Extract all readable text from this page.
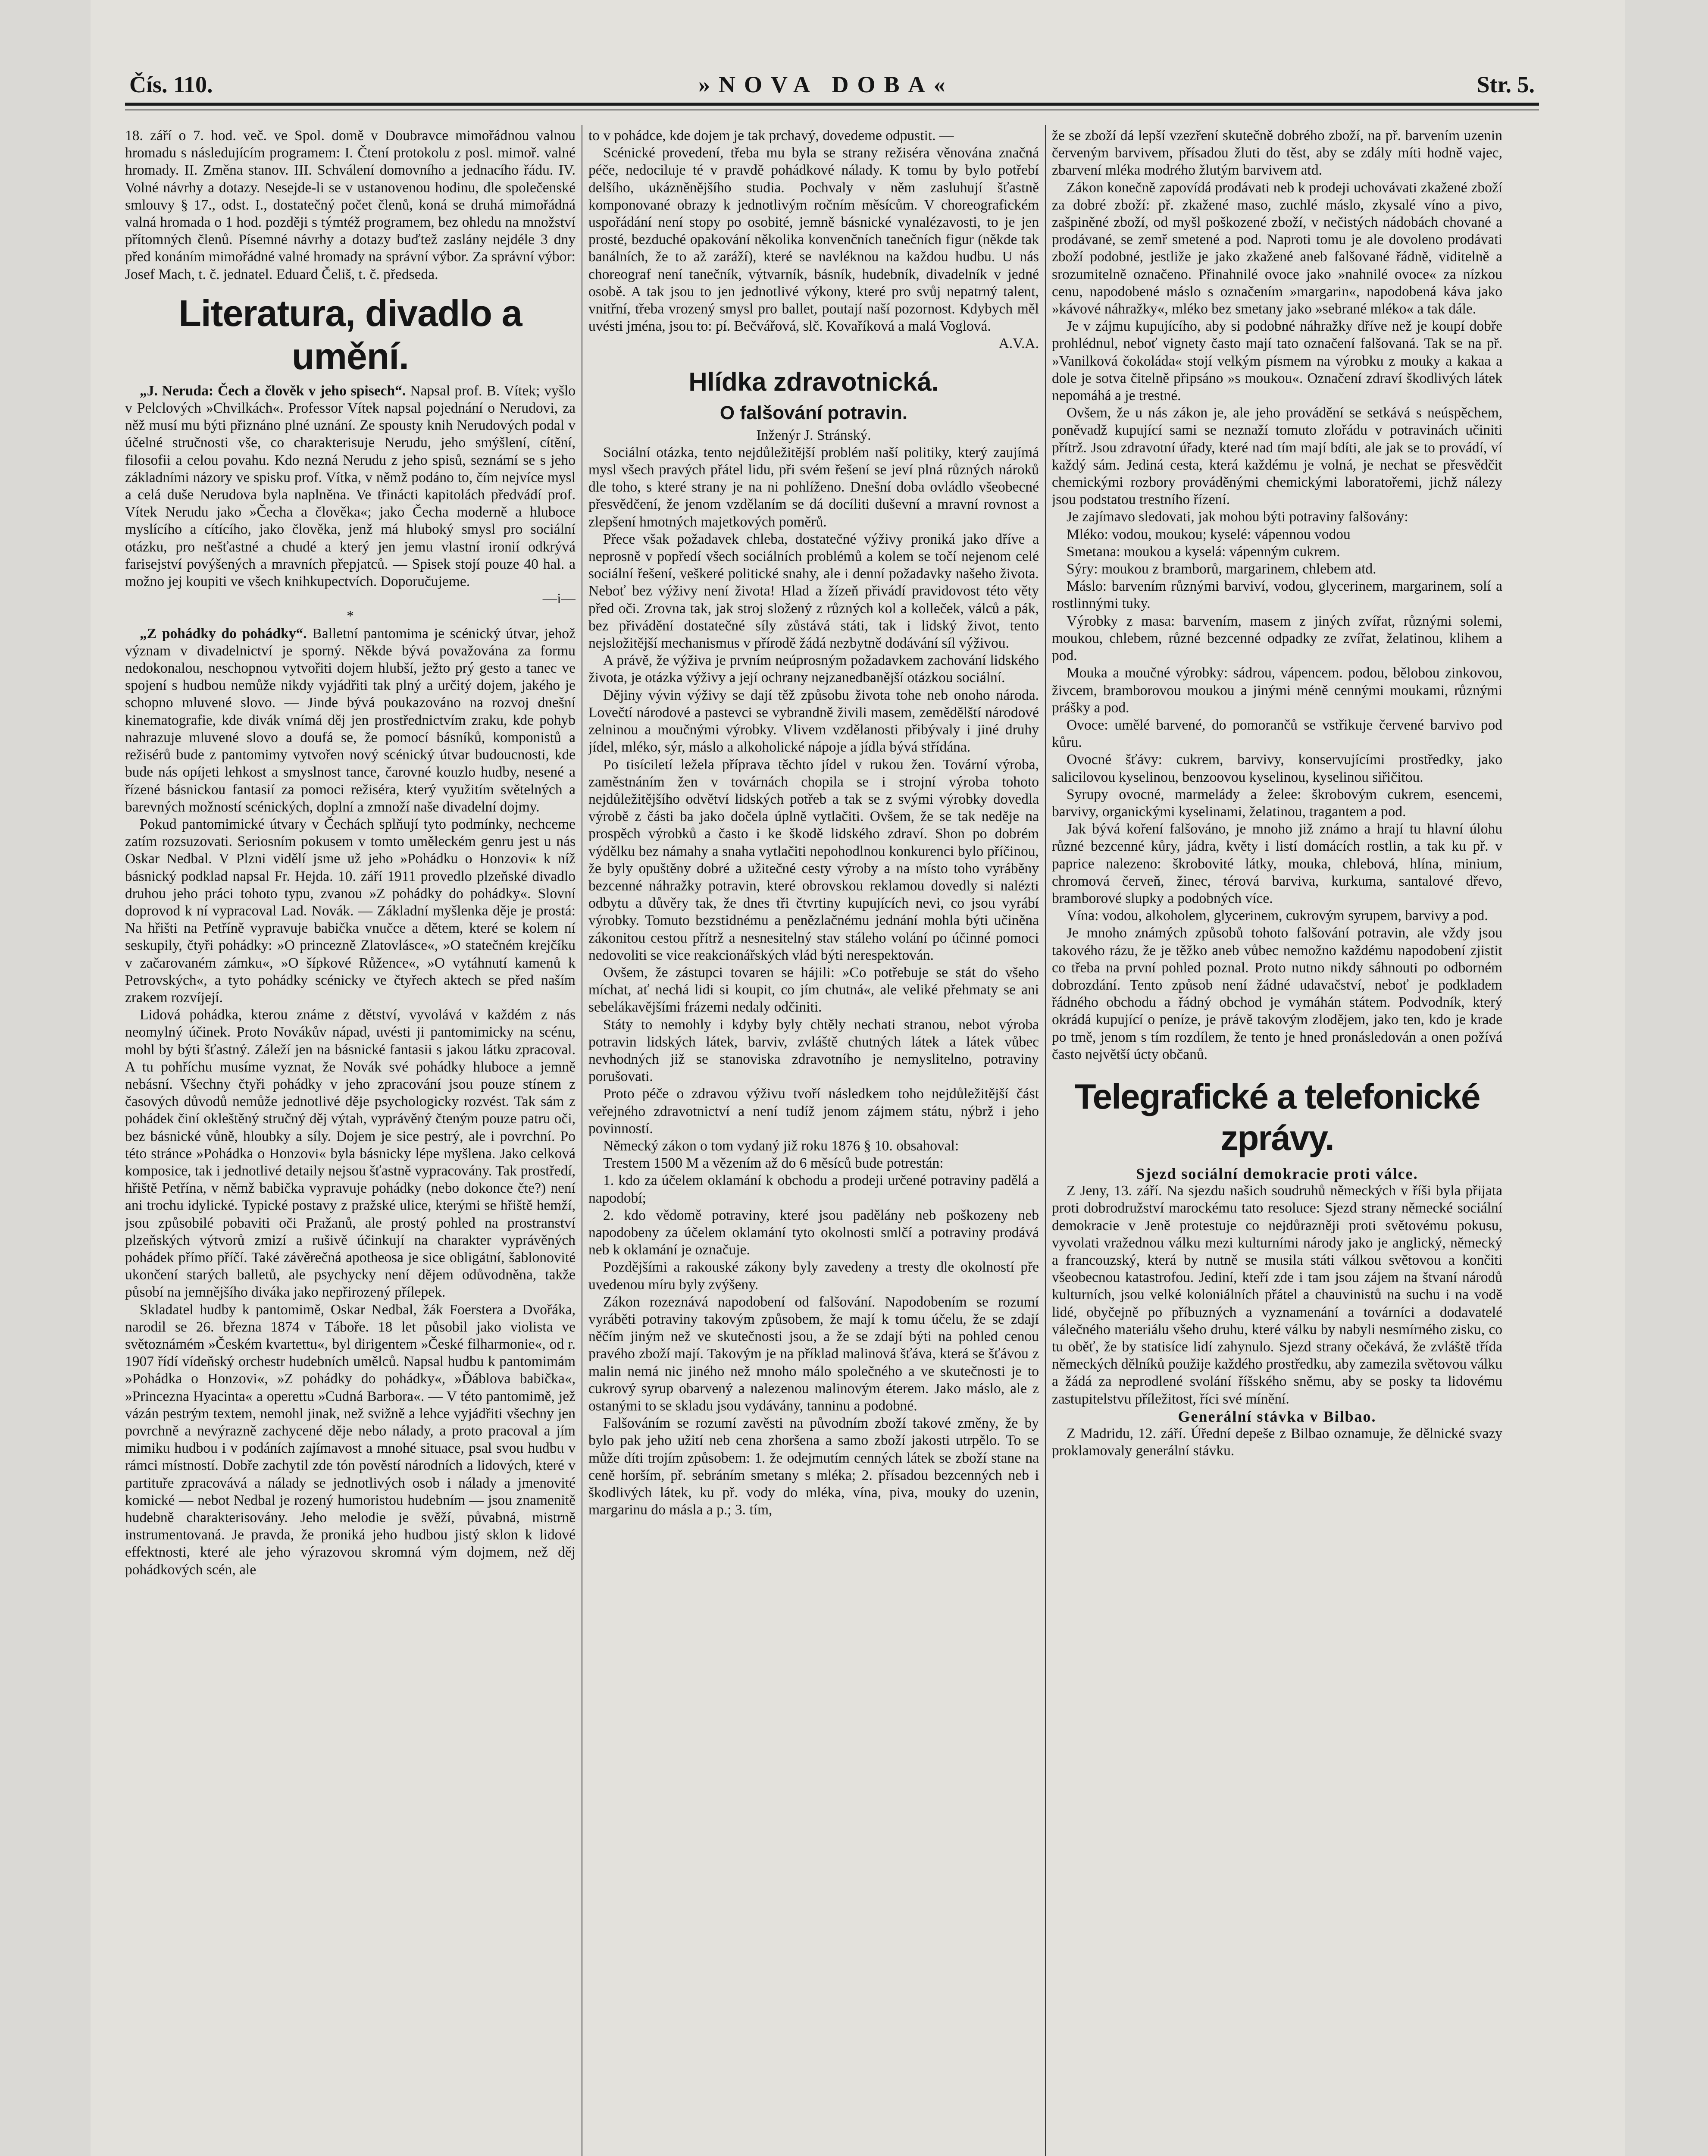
Čís. 110.	»NOVA DOBA«	Str. 5.

18. září o 7. hod. več. ve Spol. domě v Doubravce mimořádnou valnou hromadu s následujícím programem: I. Čtení protokolu z posl. mimoř. valné hromady. II. Změna stanov. III. Schválení domovního a jednacího řádu. IV. Volné návrhy a dotazy. Nesejde-li se v ustanovenou hodinu, dle společenské smlouvy § 17., odst. I., dostatečný počet členů, koná se druhá mimořádná valná hromada o 1 hod. později s týmtéž programem, bez ohledu na množství přítomných členů. Písemné návrhy a dotazy buďtež zaslány nejdéle 3 dny před konáním mimořádné valné hromady na správní výbor. Za správní výbor: Josef Mach, t. č. jednatel. Eduard Čeliš, t. č. předseda.

Literatura, divadlo a umění.

„J. Neruda: Čech a člověk v jeho spisech“. Napsal prof. B. Vítek; vyšlo v Pelclových »Chvilkách«. Professor Vítek napsal pojednání o Nerudovi, za něž musí mu býti přiznáno plné uznání. Ze spousty knih Nerudových podal v účelné stručnosti vše, co charakterisuje Nerudu, jeho smýšlení, cítění, filosofii a celou povahu. Kdo nezná Nerudu z jeho spisů, seznámí se s jeho základními názory ve spisku prof. Vítka, v němž podáno to, čím nejvíce mysl a celá duše Nerudova byla naplněna. Ve třinácti kapitolách předvádí prof. Vítek Nerudu jako »Čecha a člověka«; jako Čecha moderně a hluboce myslícího a cítícího, jako člověka, jenž má hluboký smysl pro sociální otázku, pro nešťastné a chudé a který jen jemu vlastní ironií odkrývá farisejství povýšených a mravních přepjatců. — Spisek stojí pouze 40 hal. a možno jej koupiti ve všech knihkupectvích. Doporučujeme.

—i—

*

„Z pohádky do pohádky“. Balletní pantomima je scénický útvar, jehož význam v divadelnictví je sporný. Někde bývá považována za formu nedokonalou, neschopnou vytvořiti dojem hlubší, ježto prý gesto a tanec ve spojení s hudbou nemůže nikdy vyjádřiti tak plný a určitý dojem, jakého je schopno mluvené slovo. — Jinde bývá poukazováno na rozvoj dnešní kinematografie, kde divák vnímá děj jen prostřednictvím zraku, kde pohyb nahrazuje mluvené slovo a doufá se, že pomocí básníků, komponistů a režisérů bude z pantomimy vytvořen nový scénický útvar budoucnosti, kde bude nás opíjeti lehkost a smyslnost tance, čarovné kouzlo hudby, nesené a řízené básnickou fantasií za pomoci režiséra, který využitím světelných a barevných možností scénických, doplní a zmnoží naše divadelní dojmy.

Pokud pantomimické útvary v Čechách splňují tyto podmínky, nechceme zatím rozsuzovati. Seriosním pokusem v tomto uměleckém genru jest u nás Oskar Nedbal. V Plzni vidělí jsme už jeho »Pohádku o Honzovi« k níž básnický podklad napsal Fr. Hejda. 10. září 1911 provedlo plzeňské divadlo druhou jeho práci tohoto typu, zvanou »Z pohádky do pohádky«. Slovní doprovod k ní vypracoval Lad. Novák. — Základní myšlenka děje je prostá: Na hřišti na Petříně vypravuje babička vnučce a dětem, které se kolem ní seskupily, čtyři pohádky: »O princezně Zlatovlásce«, »O statečném krejčíku v začarovaném zámku«, »O šípkové Růžence«, »O vytáhnutí kamenů k Petrovských«, a tyto pohádky scénicky ve čtyřech aktech se před naším zrakem rozvíjejí.

Lidová pohádka, kterou známe z dětství, vyvolává v každém z nás neomylný účinek. Proto Novákův nápad, uvésti ji pantomimicky na scénu, mohl by býti šťastný. Záleží jen na básnické fantasii s jakou látku zpracoval. A tu pohříchu musíme vyznat, že Novák své pohádky hluboce a jemně nebásní. Všechny čtyři pohádky v jeho zpracování jsou pouze stínem z časových důvodů nemůže jednotlivé děje psychologicky rozvést. Tak sám z pohádek činí okleštěný stručný děj výtah, vyprávěný čteným pouze patru oči, bez básnické vůně, hloubky a síly. Dojem je sice pestrý, ale i povrchní. Po této stránce »Pohádka o Honzovi« byla básnicky lépe myšlena. Jako celková komposice, tak i jednotlivé detaily nejsou šťastně vypracovány. Tak prostředí, hřiště Petřína, v němž babička vypravuje pohádky (nebo dokonce čte?) není ani trochu idylické. Typické postavy z pražské ulice, kterými se hřiště hemží, jsou způsobilé pobaviti oči Pražanů, ale prostý pohled na prostranství plzeňských výtvorů zmizí a rušivě účinkují na charakter vyprávěných pohádek přímo příčí. Také závěrečná apotheosa je sice obligátní, šablonovité ukončení starých balletů, ale psychycky není dějem odůvodněna, takže působí na jemnějšího diváka jako nepřirozený přílepek.

Skladatel hudby k pantomimě, Oskar Nedbal, žák Foerstera a Dvořáka, narodil se 26. března 1874 v Táboře. 18 let působil jako violista ve světoznámém »Českém kvartettu«, byl dirigentem »České filharmonie«, od r. 1907 řídí vídeňský orchestr hudebních umělců. Napsal hudbu k pantomimám »Pohádka o Honzovi«, »Z pohádky do pohádky«, »Ďáblova babička«, »Princezna Hyacinta« a operettu »Cudná Barbora«. — V této pantomimě, jež vázán pestrým textem, nemohl jinak, než svižně a lehce vyjádřiti všechny jen povrchně a nevýrazně zachycené děje nebo nálady, a proto pracoval a jím mimiku hudbou i v podáních zajímavost a mnohé situace, psal svou hudbu v rámci místností. Dobře zachytil zde tón pověstí národních a lidových, které v partituře zpracovává a nálady se jednotlivých osob i nálady a jmenovité komické — nebot Nedbal je rozený humoristou hudebním — jsou znamenitě hudebně charakterisovány. Jeho melodie je svěží, půvabná, mistrně instrumentovaná. Je pravda, že proniká jeho hudbou jistý sklon k lidové effektnosti, které ale jeho výrazovou skromná vým dojmem, než děj pohádkových scén, ale

to v pohádce, kde dojem je tak prchavý, dovedeme odpustit. —

Scénické provedení, třeba mu byla se strany režiséra věnována značná péče, nedociluje té v pravdě pohádkové nálady. K tomu by bylo potřebí delšího, ukázněnějšího studia. Pochvaly v něm zasluhují šťastně komponované obrazy k jednotlivým ročním měsícům. V choreografickém uspořádání není stopy po osobité, jemně básnické vynalézavosti, to je jen prosté, bezduché opakování několika konvenčních tanečních figur (někde tak banálních, že to až zaráží), které se navléknou na každou hudbu. U nás choreograf není tanečník, výtvarník, básník, hudebník, divadelník v jedné osobě. A tak jsou to jen jednotlivé výkony, které pro svůj nepatrný talent, vnitřní, třeba vrozený smysl pro ballet, poutají naší pozornost. Kdybych měl uvésti jména, jsou to: pí. Bečvářová, slč. Kovaříková a malá Voglová.

A.V.A.

Hlídka zdravotnická.
O falšování potravin.

Inženýr J. Stránský.

Sociální otázka, tento nejdůležitější problém naší politiky, který zaujímá mysl všech pravých přátel lidu, při svém řešení se jeví plná různých nároků dle toho, s které strany je na ni pohlíženo. Dnešní doba ovládlo všeobecné přesvědčení, že jenom vzdělaním se dá docíliti duševní a mravní rovnost a zlepšení hmotných majetkových poměrů.

Přece však požadavek chleba, dostatečné výživy proniká jako dříve a neprosně v popředí všech sociálních problémů a kolem se točí nejenom celé sociální řešení, veškeré politické snahy, ale i denní požadavky našeho života. Neboť bez výživy není života! Hlad a žízeň přivádí pravidovost této věty před oči. Zrovna tak, jak stroj složený z různých kol a kolleček, válců a pák, bez přivádění dostatečné síly zůstává státi, tak i lidský život, tento nejsložitější mechanismus v přírodě žádá nezbytně dodávání síl výživou.

A právě, že výživa je prvním neúprosným požadavkem zachování lidského života, je otázka výživy a její ochrany nejzanedbanější otázkou sociální.

Dějiny vývin výživy se dají těž způsobu života tohe neb onoho národa. Lovečtí národové a pastevci se vybrandně živili masem, zemědělští národové zelninou a moučnými výrobky. Vlivem vzdělanosti přibývaly i jiné druhy jídel, mléko, sýr, máslo a alkoholické nápoje a jídla bývá střídána.

Po tisíciletí ležela příprava těchto jídel v rukou žen. Tovární výroba, zaměstnáním žen v továrnách chopila se i strojní výroba tohoto nejdůležitějšího odvětví lidských potřeb a tak se z svými výrobky dovedla výrobě z části ba jako dočela úplně vytlačiti. Ovšem, že se tak neděje na prospěch výrobků a často i ke škodě lidského zdraví. Shon po dobrém výdělku bez námahy a snaha vytlačiti nepohodlnou konkurenci bylo příčinou, že byly opuštěny dobré a užitečné cesty výroby a na místo toho vyráběny bezcenné náhražky potravin, které obrovskou reklamou dovedly si nalézti odbytu a důvěry tak, že dnes tři čtvrtiny kupujících nevi, co jsou vyrábí výrobky. Tomuto bezstidnému a penězlačnému jednání mohla býti učiněna zákonitou cestou přítrž a nesnesitelný stav stáleho volání po účinné pomoci nedovoliti se vice reakcionářských vlád býti nerespektován.

Ovšem, že zástupci tovaren se hájili: »Co potřebuje se stát do všeho míchat, ať nechá lidi si koupit, co jím chutná«, ale veliké přehmaty se ani sebelákavějšími frázemi nedaly odčiniti.

Státy to nemohly i kdyby byly chtěly nechati stranou, nebot výroba potravin lidských látek, barviv, zvláště chutných látek a látek vůbec nevhodných již se stanoviska zdravotního je nemyslitelno, potraviny porušovati.

Proto péče o zdravou výživu tvoří následkem toho nejdůležitější část veřejného zdravotnictví a není tudíž jenom zájmem státu, nýbrž i jeho povinností.

Německý zákon o tom vydaný již roku 1876 § 10. obsahoval:

Trestem 1500 M a vězením až do 6 měsíců bude potrestán:

1. kdo za účelem oklamání k obchodu a prodeji určené potraviny padělá a napodobí;

2. kdo vědomě potraviny, které jsou padělány neb poškozeny neb napodobeny za účelem oklamání tyto okolnosti smlčí a potraviny prodává neb k oklamání je označuje.

Pozdějšími a rakouské zákony byly zavedeny a tresty dle okolností pře uvedenou míru byly zvýšeny.

Zákon rozeznává napodobení od falšování. Napodobením se rozumí vyráběti potraviny takovým způsobem, že mají k tomu účelu, že se zdají něčím jiným než ve skutečnosti jsou, a že se zdají býti na pohled cenou pravého zboží mají. Takovým je na příklad malinová šťáva, která se šťávou z malin nemá nic jiného než mnoho málo společného a ve skutečnosti je to cukrový syrup obarvený a nalezenou malinovým éterem. Jako máslo, ale z ostanými to se skladu jsou vydávány, tanninu a podobné.

Falšováním se rozumí zavěsti na původním zboží takové změny, že by bylo pak jeho užití neb cena zhoršena a samo zboží jakosti utrpělo. To se může díti trojím způsobem: 1. že odejmutím cenných látek se zboží stane na ceně horším, př. sebráním smetany s mléka; 2. přísadou bezcenných neb i škodlivých látek, ku př. vody do mléka, vína, piva, mouky do uzenin, margarinu do másla a p.; 3. tím,

že se zboží dá lepší vzezření skutečně dobrého zboží, na př. barvením uzenin červeným barvivem, přísadou žluti do těst, aby se zdály míti hodně vajec, zbarvení mléka modrého žlutým barvivem atd.

Zákon konečně zapovídá prodávati neb k prodeji uchovávati zkažené zboží za dobré zboží: př. zkažené maso, zuchlé máslo, zkysalé víno a pivo, zašpiněné zboží, od myšl poškozené zboží, v nečistých nádobách chované a prodávané, se zemř smetené a pod. Naproti tomu je ale dovoleno prodávati zboží podobné, jestliže je jako zkažené aneb falšované řádně, viditelně a srozumitelně označeno. Přinahnilé ovoce jako »nahnilé ovoce« za nízkou cenu, napodobené máslo s označením »margarin«, napodobená káva jako »kávové náhražky«, mléko bez smetany jako »sebrané mléko« a tak dále.

Je v zájmu kupujícího, aby si podobné náhražky dříve než je koupí dobře prohlédnul, neboť vignety často mají tato označení falšovaná. Tak se na př. »Vanilková čokoláda« stojí velkým písmem na výrobku z mouky a kakaa a dole je sotva čitelně připsáno »s moukou«. Označení zdraví škodlivých látek nepomáhá a je trestné.

Ovšem, že u nás zákon je, ale jeho provádění se setkává s neúspěchem, poněvadž kupující sami se neznaží tomuto zlořádu v potravinách učiniti přítrž. Jsou zdravotní úřady, které nad tím mají bdíti, ale jak se to provádí, ví každý sám. Jediná cesta, která každému je volná, je nechat se přesvědčit chemickými rozbory prováděnými chemickými laboratořemi, jichž nálezy jsou podstatou trestního řízení.

Je zajímavo sledovati, jak mohou býti potraviny falšovány:

Mléko: vodou, moukou; kyselé: vápennou vodou

Smetana: moukou a kyselá: vápenným cukrem.

Sýry: moukou z bramborů, margarinem, chlebem atd.

Máslo: barvením různými barviví, vodou, glycerinem, margarinem, solí a rostlinnými tuky.

Výrobky z masa: barvením, masem z jiných zvířat, různými solemi, moukou, chlebem, různé bezcenné odpadky ze zvířat, želatinou, klihem a pod.

Mouka a moučné výrobky: sádrou, vápencem. podou, bělobou zinkovou, živcem, bramborovou moukou a jinými méně cennými moukami, různými práškу a pod.

Ovoce: umělé barvené, do pomorančů se vstřikuje červené barvivo pod kůru.

Ovocné šťávy: cukrem, barvivy, konservujícími prostředky, jako salicilovou kyselinou, benzoovou kyselinou, kyselinou siřičitou.

Syrupy ovocné, marmelády a želee: škrobovým cukrem, esencemi, barvivy, organickými kyselinami, želatinou, tragantem a pod.

Jak bývá koření falšováno, je mnoho již známo a hrají tu hlavní úlohu různé bezcenné kůry, jádra, květy i listí domácích rostlin, a tak ku př. v paprice nalezeno: škrobovité látky, moukа, chlebová, hlína, minium, chromová červeň, žinec, térová barviva, kurkuma, santalové dřevo, bramborové slupky a podobných více.

Vína: vodou, alkoholem, glycerinem, cukrovým syrupem, barvivy a pod.

Je mnoho známých způsobů tohoto falšování potravin, ale vždy jsou takového rázu, že je těžko aneb vůbec nemožno každému napodobení zjistit co třeba na první pohled poznal. Proto nutno nikdy sáhnouti po odborném dobrozdání. Tento způsob není žádné udavačství, neboť je podkladem řádného obchodu a řádný obchod je vymáhán státem. Podvodník, který okrádá kupující o peníze, je právě takovým zlodějem, jako ten, kdo je krade po tmě, jenom s tím rozdílem, že tento je hned pronásledován a onen požívá často největší úcty občanů.

Telegrafické a telefonické zprávy.

Sjezd sociální demokracie proti válce.

Z Jeny, 13. září. Na sjezdu našich soudruhů německých v říši byla přijata proti dobrodružství marockému tato resoluce: Sjezd strany německé sociální demokracie v Jeně protestuje co nejdůrazněji proti světovému pokusu, vyvolati vražednou válku mezi kulturními národy jako je anglický, německý a francouzský, která by nutně se musila státi válkou světovou a končiti všeobecnou katastrofou. Jediní, kteří zde i tam jsou zájem na štvaní národů kulturních, jsou velké koloniálních přátel a chauvinistů na suchu i na vodě lidé, obyčejně po příbuzných a vyznamenání a továrníci a dodavatelé válečného materiálu všeho druhu, které válku by nabyli nesmírného zisku, co tu oběť, že by statisíce lidí zahynulo. Sjezd strany očekává, že zvláště třída německých dělníků použije každého prostředku, aby zamezila světovou válku a žádá za neprodlené svolání říšského sněmu, aby se posky ta lidovému zastupitelstvu příležitost, říci své mínění.

Generální stávka v Bilbao.

Z Madridu, 12. září. Úřední depeše z Bilbao oznamuje, že dělnické svazy proklamovaly generální stávku.
